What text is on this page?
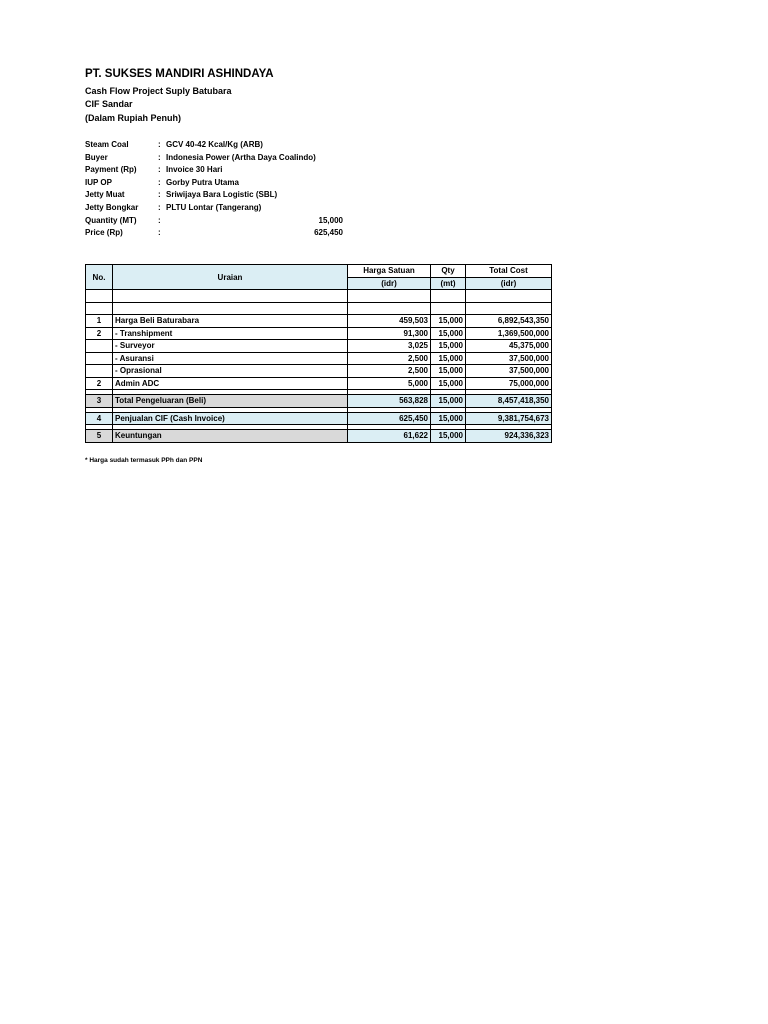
PT. SUKSES MANDIRI ASHINDAYA
Cash Flow Project Suply Batubara
CIF Sandar
(Dalam Rupiah Penuh)
Steam Coal	: GCV 40-42 Kcal/Kg (ARB)
Buyer	: Indonesia Power (Artha Daya Coalindo)
Payment (Rp)	: Invoice 30 Hari
IUP OP	: Gorby Putra Utama
Jetty Muat	: Sriwijaya Bara Logistic (SBL)
Jetty Bongkar : PLTU Lontar (Tangerang)
Quantity (MT)	:	15,000
Price (Rp)	:	625,450
No.	Uraian	Harga Satuan	Qty	Total Cost
		(idr)	(mt)	(idr)

1	Harga Beli Baturabara	459,503	15,000	6,892,543,350
2	- Transhipment	91,300	15,000	1,369,500,000
	- Surveyor	3,025	15,000	45,375,000
	- Asuransi	2,500	15,000	37,500,000
	- Oprasional	2,500	15,000	37,500,000
2	Admin ADC	5,000	15,000	75,000,000

3	Total Pengeluaran (Beli)	563,828	15,000	8,457,418,350

4	Penjualan CIF (Cash Invoice)	625,450	15,000	9,381,754,673

5	Keuntungan	61,622	15,000	924,336,323
* Harga sudah termasuk PPh dan PPN
